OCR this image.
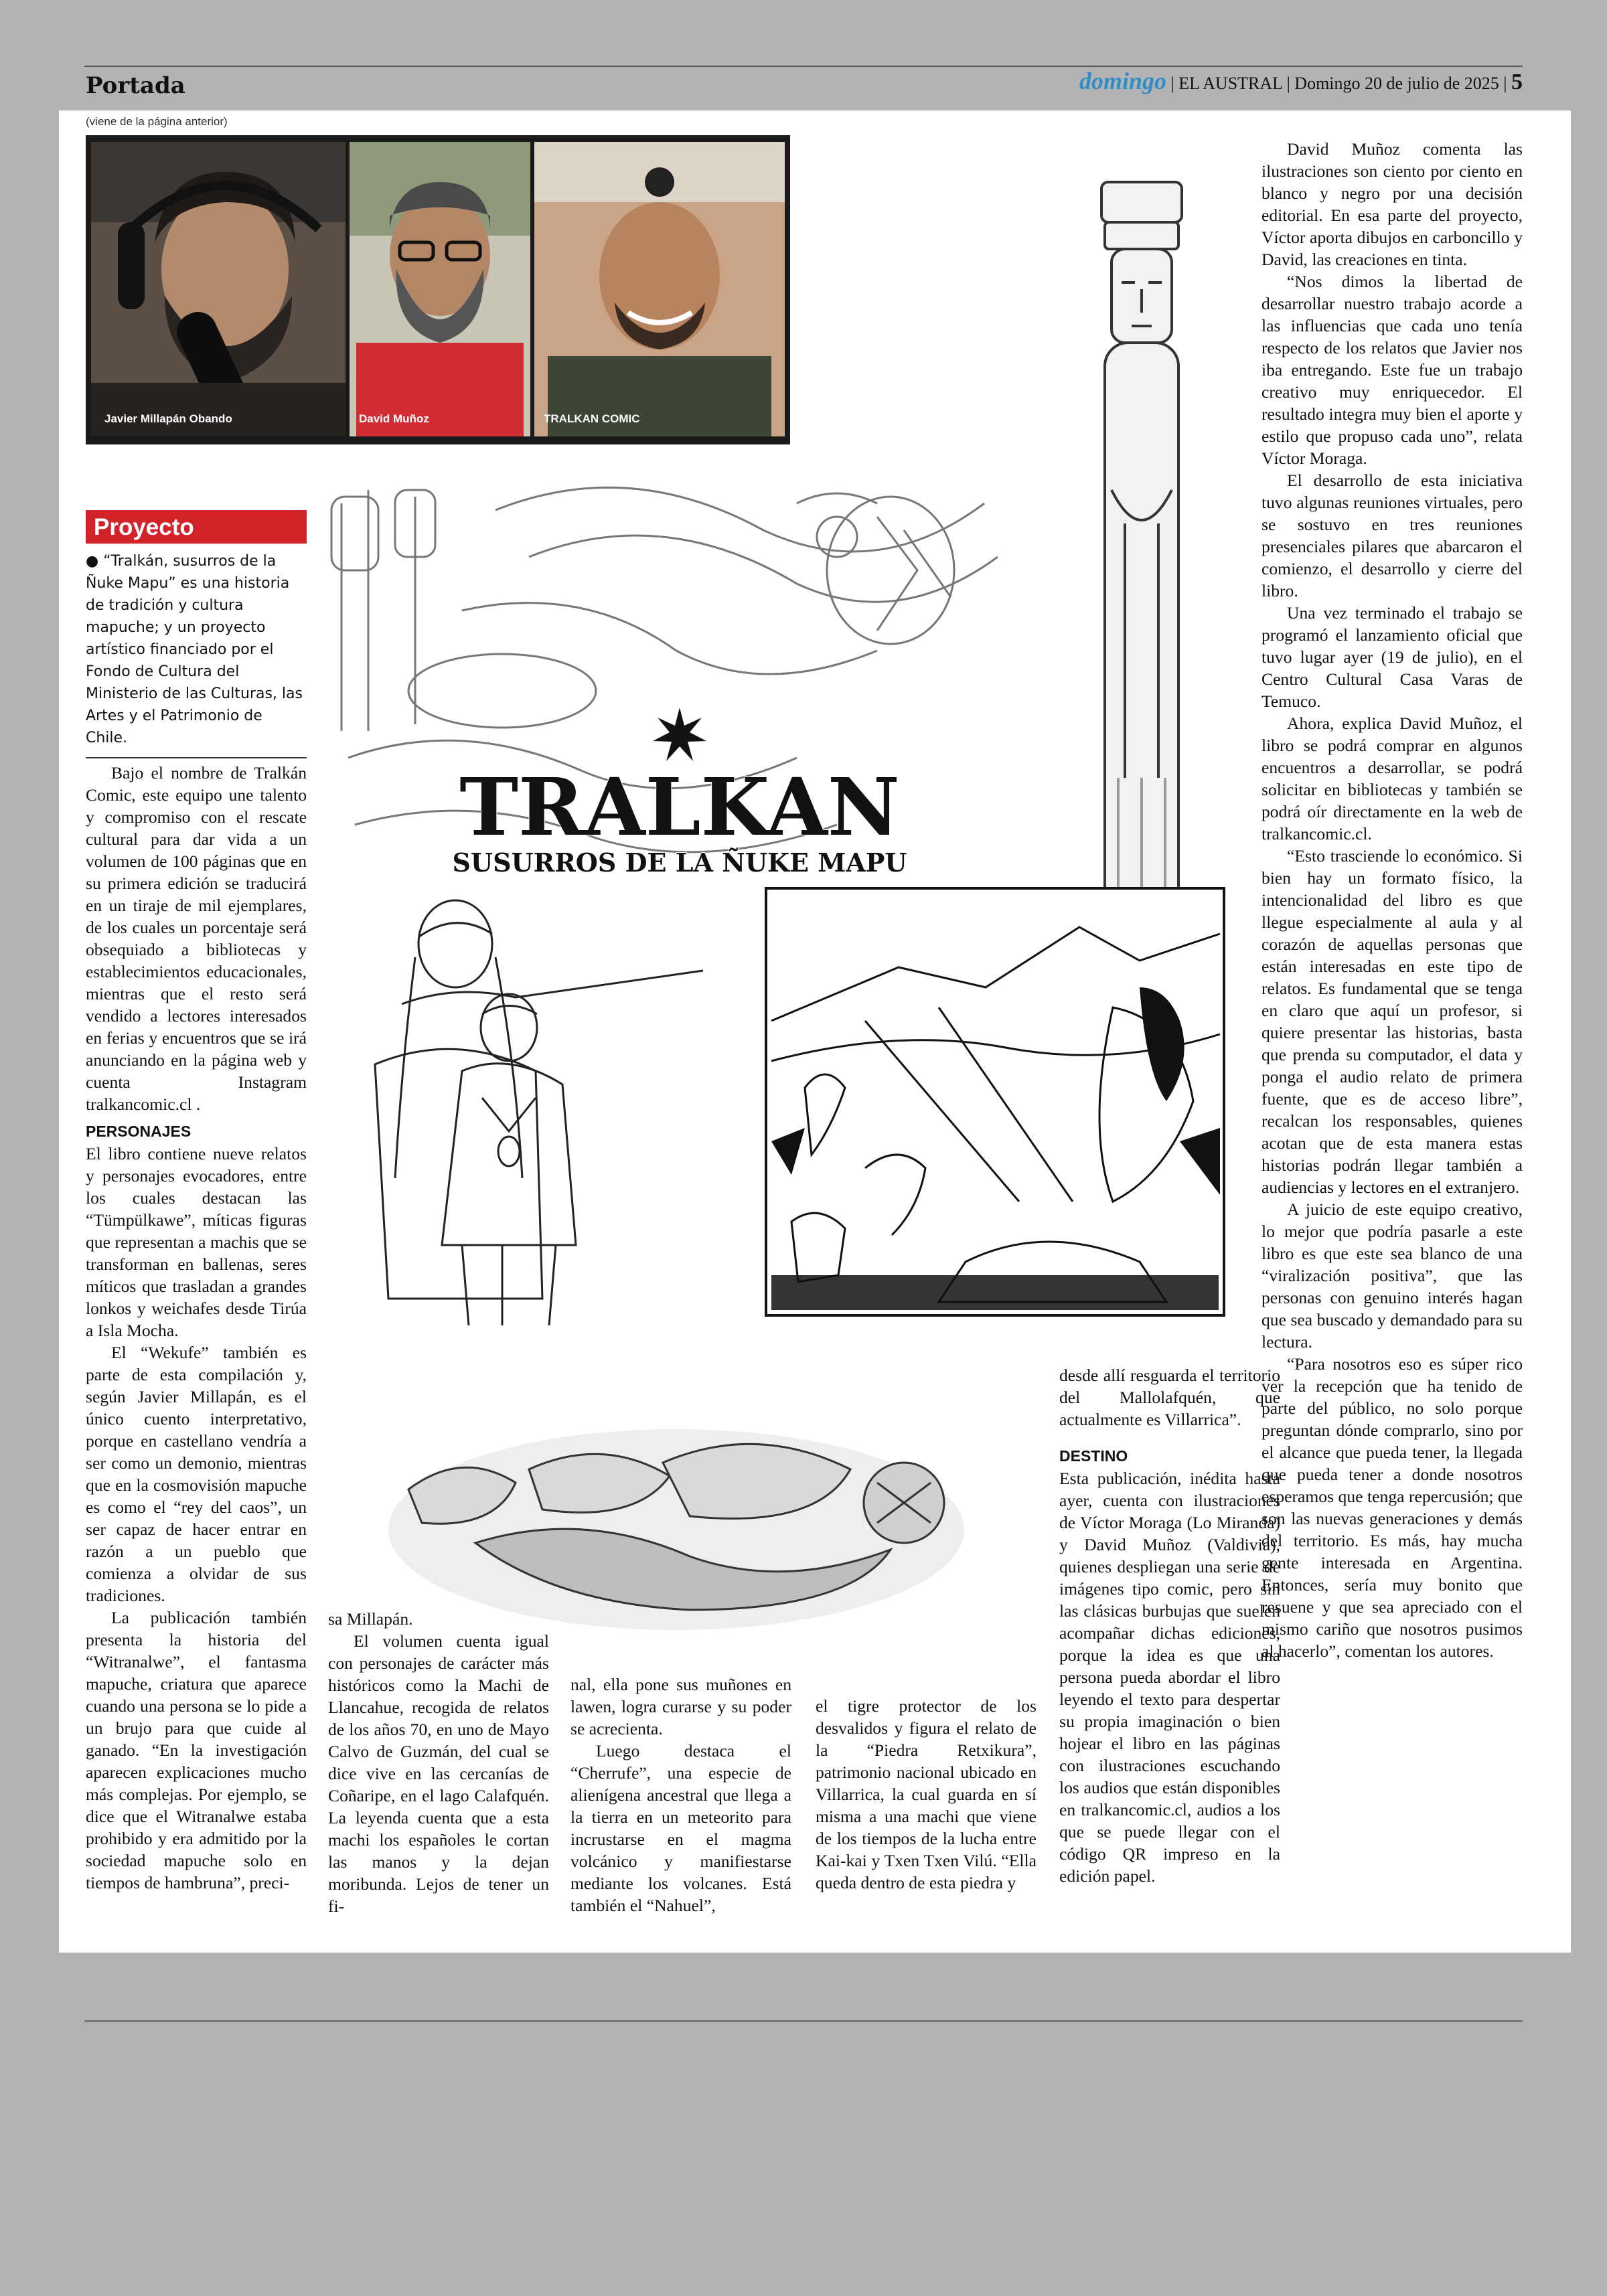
Portada	domingo | EL AUSTRAL | Domingo 20 de julio de 2025 | 5
(viene de la página anterior)
Javier Millapán Obando	David Muñoz	TRALKAN COMIC
Proyecto
● “Tralkán, susurros de la Ñuke Mapu” es una historia de tradición y cultura mapuche; y un proyecto artístico financiado por el Fondo de Cultura del Ministerio de las Culturas, las Artes y el Patrimonio de Chile.
TRALKAN
SUSURROS DE LA ÑUKE MAPU

Bajo el nombre de Tralkán Comic, este equipo une talento y compromiso con el rescate cultural para dar vida a un volumen de 100 páginas que en su primera edición se traducirá en un tiraje de mil ejemplares, de los cuales un porcentaje será obsequiado a bibliotecas y establecimientos educacionales, mientras que el resto será vendido a lectores interesados en ferias y encuentros que se irá anunciando en la página web y cuenta Instagram tralkancomic.cl .

PERSONAJES

El libro contiene nueve relatos y personajes evocadores, entre los cuales destacan las “Tümpülkawe”, míticas figuras que representan a machis que se transforman en ballenas, seres míticos que trasladan a grandes lonkos y weichafes desde Tirúa a Isla Mocha.

El “Wekufe” también es parte de esta compilación y, según Javier Millapán, es el único cuento interpretativo, porque en castellano vendría a ser como un demonio, mientras que en la cosmovisión mapuche es como el “rey del caos”, un ser capaz de hacer entrar en razón a un pueblo que comienza a olvidar de sus tradiciones.

La publicación también presenta la historia del “Witranalwe”, el fantasma mapuche, criatura que aparece cuando una persona se lo pide a un brujo para que cuide al ganado. “En la investigación aparecen explicaciones mucho más complejas. Por ejemplo, se dice que el Witranalwe estaba prohibido y era admitido por la sociedad mapuche solo en tiempos de hambruna”, preci-

sa Millapán.

El volumen cuenta igual con personajes de carácter más históricos como la Machi de Llancahue, recogida de relatos de los años 70, en uno de Mayo Calvo de Guzmán, del cual se dice vive en las cercanías de Coñaripe, en el lago Calafquén. La leyenda cuenta que a esta machi los españoles le cortan las manos y la dejan moribunda. Lejos de tener un fi-

nal, ella pone sus muñones en lawen, logra curarse y su poder se acrecienta.

Luego destaca el “Cherrufe”, una especie de alienígena ancestral que llega a la tierra en un meteorito para incrustarse en el magma volcánico y manifiestarse mediante los volcanes. Está también el “Nahuel”,

el tigre protector de los desvalidos y figura el relato de la “Piedra Retxikura”, patrimonio nacional ubicado en Villarrica, la cual guarda en sí misma a una machi que viene de los tiempos de la lucha entre Kai-kai y Txen Txen Vilú. “Ella queda dentro de esta piedra y

desde allí resguarda el territorio del Mallolafquén, que actualmente es Villarrica”.

DESTINO

Esta publicación, inédita hasta ayer, cuenta con ilustraciones de Víctor Moraga (Lo Miranda) y David Muñoz (Valdivia), quienes despliegan una serie de imágenes tipo comic, pero sin las clásicas burbujas que suelen acompañar dichas ediciones, porque la idea es que una persona pueda abordar el libro leyendo el texto para despertar su propia imaginación o bien hojear el libro en las páginas con ilustraciones escuchando los audios que están disponibles en tralkancomic.cl, audios a los que se puede llegar con el código QR impreso en la edición papel.

David Muñoz comenta las ilustraciones son ciento por ciento en blanco y negro por una decisión editorial. En esa parte del proyecto, Víctor aporta dibujos en carboncillo y David, las creaciones en tinta.

“Nos dimos la libertad de desarrollar nuestro trabajo acorde a las influencias que cada uno tenía respecto de los relatos que Javier nos iba entregando. Este fue un trabajo creativo muy enriquecedor. El resultado integra muy bien el aporte y estilo que propuso cada uno”, relata Víctor Moraga.

El desarrollo de esta iniciativa tuvo algunas reuniones virtuales, pero se sostuvo en tres reuniones presenciales pilares que abarcaron el comienzo, el desarrollo y cierre del libro.

Una vez terminado el trabajo se programó el lanzamiento oficial que tuvo lugar ayer (19 de julio), en el Centro Cultural Casa Varas de Temuco.

Ahora, explica David Muñoz, el libro se podrá comprar en algunos encuentros a desarrollar, se podrá solicitar en bibliotecas y también se podrá oír directamente en la web de tralkancomic.cl.

“Esto trasciende lo económico. Si bien hay un formato físico, la intencionalidad del libro es que llegue especialmente al aula y al corazón de aquellas personas que están interesadas en este tipo de relatos. Es fundamental que se tenga en claro que aquí un profesor, si quiere presentar las historias, basta que prenda su computador, el data y ponga el audio relato de primera fuente, que es de acceso libre”, recalcan los responsables, quienes acotan que de esta manera estas historias podrán llegar también a audiencias y lectores en el extranjero.

A juicio de este equipo creativo, lo mejor que podría pasarle a este libro es que este sea blanco de una “viralización positiva”, que las personas con genuino interés hagan que sea buscado y demandado para su lectura.

“Para nosotros eso es súper rico ver la recepción que ha tenido de parte del público, no solo porque preguntan dónde comprarlo, sino por el alcance que pueda tener, la llegada que pueda tener a donde nosotros esperamos que tenga repercusión; que son las nuevas generaciones y demás del territorio. Es más, hay mucha gente interesada en Argentina. Entonces, sería muy bonito que resuene y que sea apreciado con el mismo cariño que nosotros pusimos al hacerlo”, comentan los autores.
